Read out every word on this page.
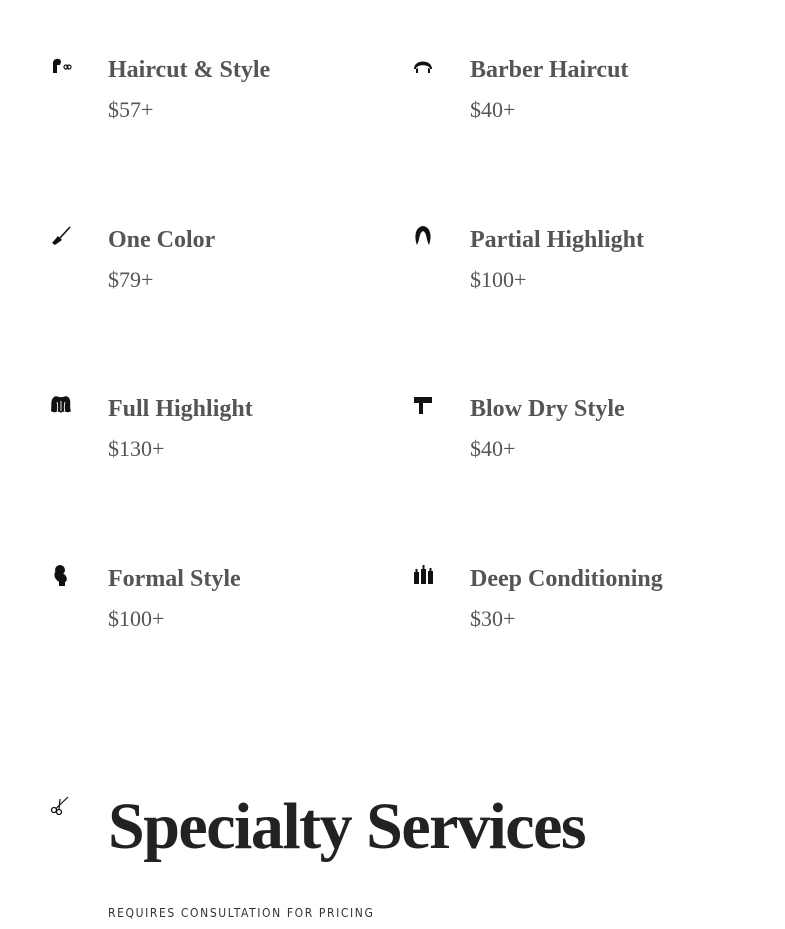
Haircut & Style
$57+
Barber Haircut
$40+
One Color
$79+
Partial Highlight
$100+
Full Highlight
$130+
Blow Dry Style
$40+
Formal Style
$100+
Deep Conditioning
$30+
Specialty Services
REQUIRES CONSULTATION FOR PRICING
